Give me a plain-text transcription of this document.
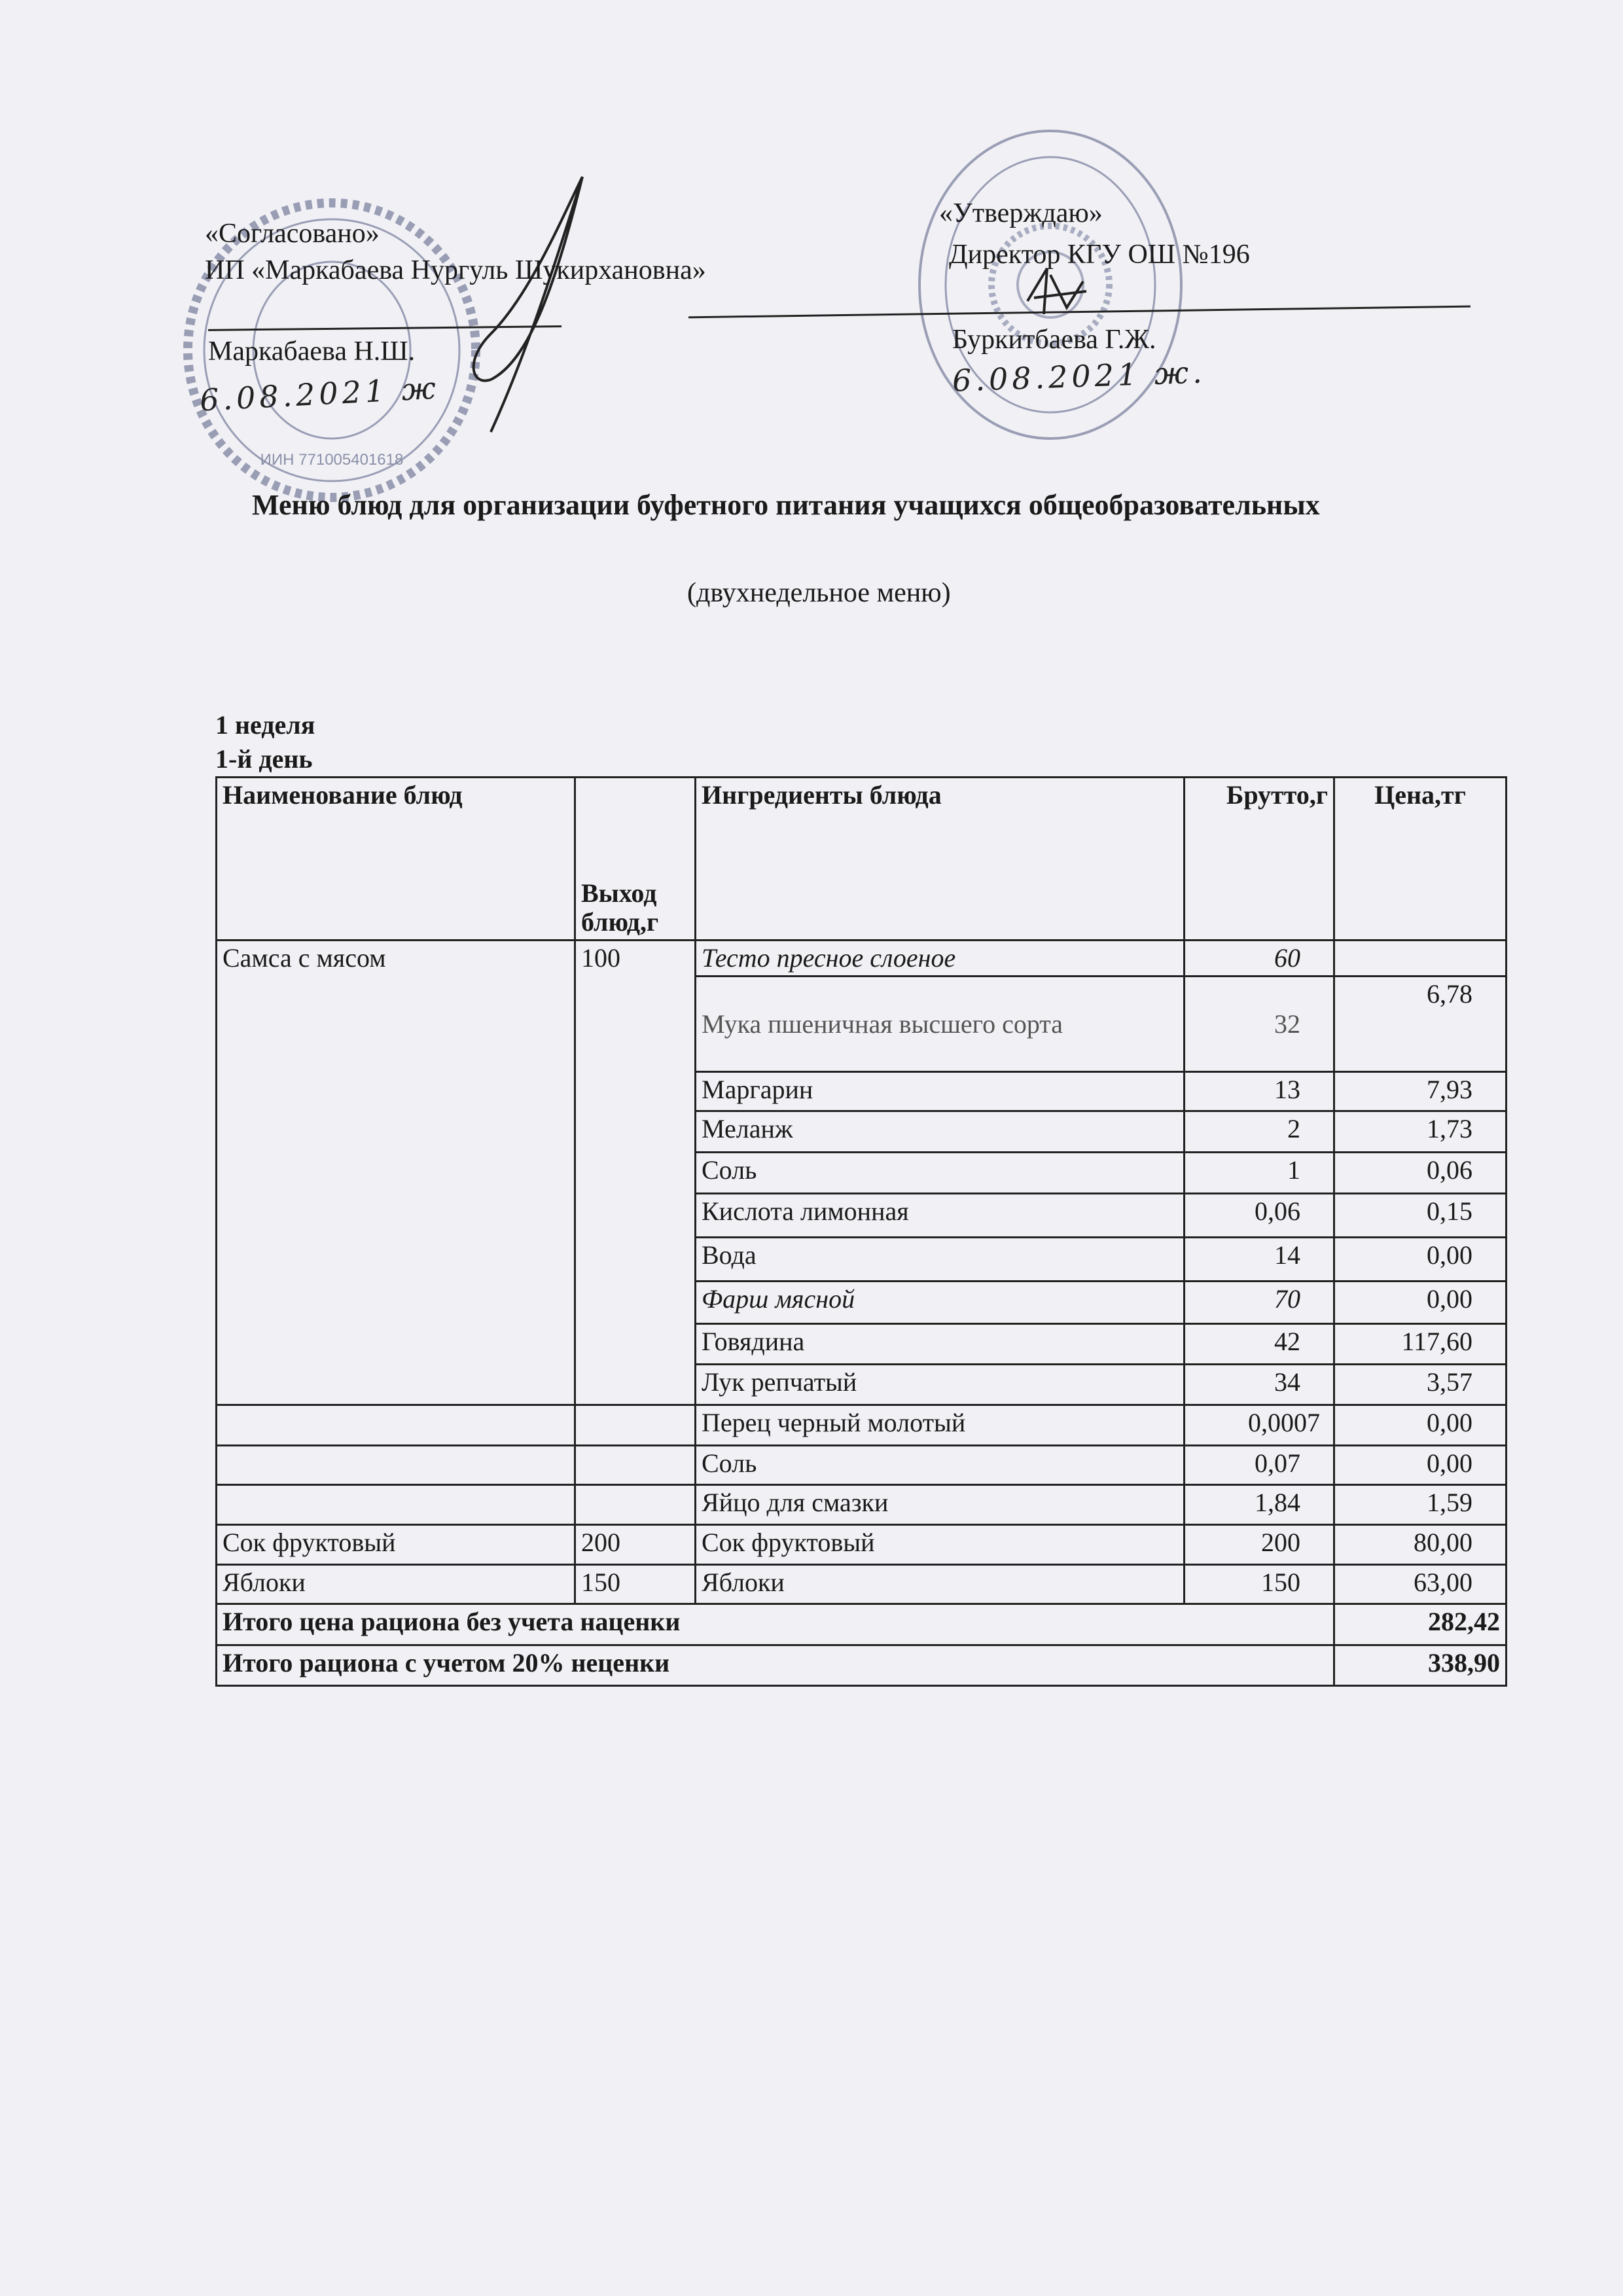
ИИН 771005401618
«Согласовано»
ИП «Маркабаева Нургуль Шукирхановна»
Маркабаева Н.Ш.
6.08.2021 ж
«Утверждаю»
Директор КГУ ОШ №196
Буркитбаева Г.Ж.
6.08.2021 ж.
Меню блюд для организации буфетного питания учащихся общеобразовательных
(двухнедельное меню)
1 неделя
1-й день
Наименование блюд	Выход блюд,г	Ингредиенты блюда	Брутто,г	Цена,тг
Самса с мясом	100	Тесто пресное слоеное	60	
		Мука пшеничная высшего сорта	32	6,78
		Маргарин	13	7,93
		Меланж	2	1,73
		Соль	1	0,06
		Кислота лимонная	0,06	0,15
		Вода	14	0,00
		Фарш мясной	70	0,00
		Говядина	42	117,60
		Лук репчатый	34	3,57
		Перец черный молотый	0,0007	0,00
		Соль	0,07	0,00
		Яйцо для смазки	1,84	1,59
Сок фруктовый	200	Сок фруктовый	200	80,00
Яблоки	150	Яблоки	150	63,00
Итого цена рациона без учета наценки				282,42
Итого рациона с учетом 20% неценки				338,90
